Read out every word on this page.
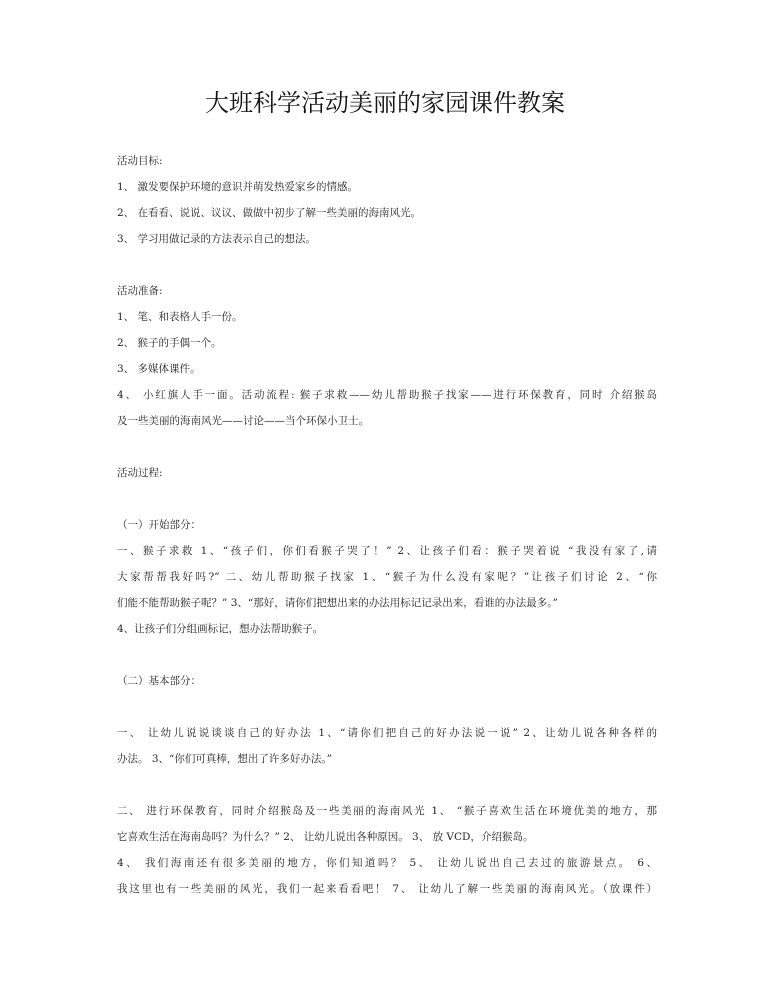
大班科学活动美丽的家园课件教案
活动目标:
1、 激发要保护环境的意识并萌发热爱家乡的情感。
2、 在看看、说说、议议、做做中初步了解一些美丽的海南风光。
3、 学习用做记录的方法表示自己的想法。
活动准备:
1、 笔、和表格人手一份。
2、 猴子的手偶一个。
3、 多媒体课件。
4、 小红旗人手一面。活动流程: 猴子求救——幼儿帮助猴子找家——进行环保教育，同时 介绍猴岛
及一些美丽的海南风光——讨论——当个环保小卫士。
活动过程:
（一）开始部分：
一、猴子求救 1、“孩子们，你们看猴子哭了！” 2、让孩子们看：猴子哭着说 “我没有家了,请
大家帮帮我好吗?” 二、幼儿帮助猴子找家 1、“猴子为什么没有家呢？”让孩子们讨论 2、“你
们能不能帮助猴子呢？” 3、“那好，请你们把想出来的办法用标记记录出来，看谁的办法最多。”
4、让孩子们分组画标记，想办法帮助猴子。
（二）基本部分：
一、 让幼儿说说谈谈自己的好办法 1、“请你们把自己的好办法说一说” 2、让幼儿说各种各样的
办法。 3、“你们可真棒，想出了许多好办法。”
二、 进行环保教育，同时介绍猴岛及一些美丽的海南风光 1、 “猴子喜欢生活在环境优美的地方，那
它喜欢生活在海南岛吗？为什么？” 2、 让幼儿说出各种原因。 3、 放 VCD，介绍猴岛。
4、 我们海南还有很多美丽的地方，你们知道吗？ 5、 让幼儿说出自己去过的旅游景点。 6、
我这里也有一些美丽的风光，我们一起来看看吧！ 7、 让幼儿了解一些美丽的海南风光。（放课件）
